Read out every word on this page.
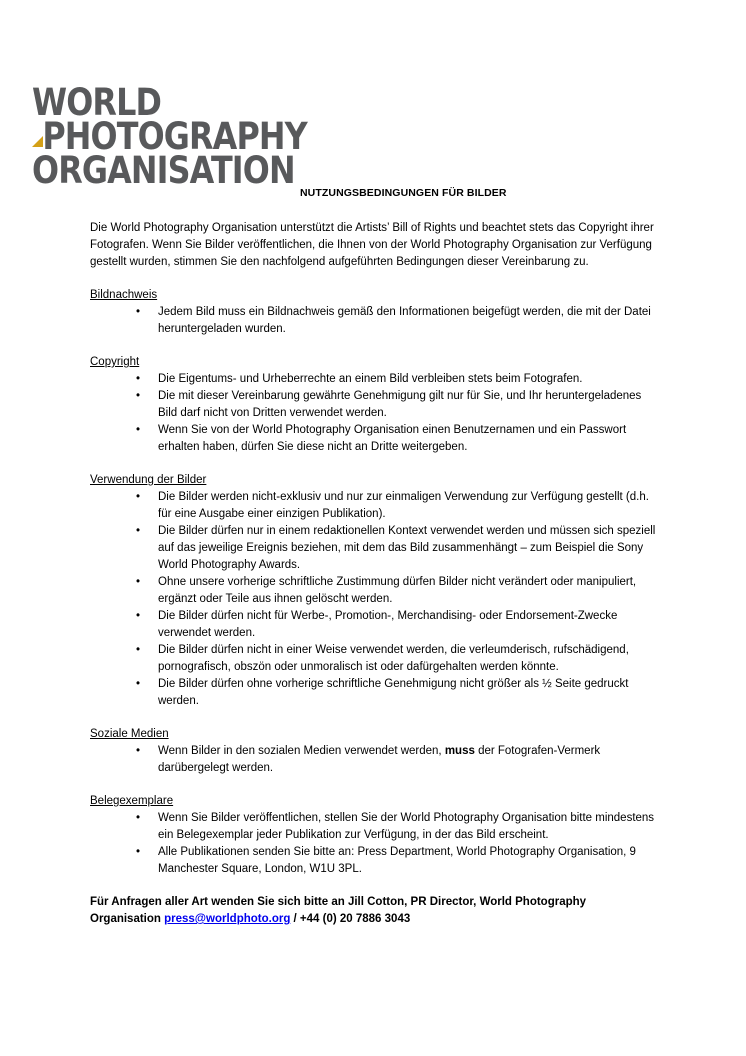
WORLD
PHOTOGRAPHY
ORGANISATION
NUTZUNGSBEDINGUNGEN FÜR BILDER

Die World Photography Organisation unterstützt die Artists’ Bill of Rights und beachtet stets das Copyright ihrer Fotografen. Wenn Sie Bilder veröffentlichen, die Ihnen von der World Photography Organisation zur Verfügung gestellt wurden, stimmen Sie den nachfolgend aufgeführten Bedingungen dieser Vereinbarung zu.

Bildnachweis

• Jedem Bild muss ein Bildnachweis gemäß den Informationen beigefügt werden, die mit der Datei heruntergeladen wurden.

Copyright

• Die Eigentums- und Urheberrechte an einem Bild verbleiben stets beim Fotografen.
• Die mit dieser Vereinbarung gewährte Genehmigung gilt nur für Sie, und Ihr heruntergeladenes Bild darf nicht von Dritten verwendet werden.
• Wenn Sie von der World Photography Organisation einen Benutzernamen und ein Passwort erhalten haben, dürfen Sie diese nicht an Dritte weitergeben.

Verwendung der Bilder

• Die Bilder werden nicht-exklusiv und nur zur einmaligen Verwendung zur Verfügung gestellt (d.h. für eine Ausgabe einer einzigen Publikation).
• Die Bilder dürfen nur in einem redaktionellen Kontext verwendet werden und müssen sich speziell auf das jeweilige Ereignis beziehen, mit dem das Bild zusammenhängt – zum Beispiel die Sony World Photography Awards.
• Ohne unsere vorherige schriftliche Zustimmung dürfen Bilder nicht verändert oder manipuliert, ergänzt oder Teile aus ihnen gelöscht werden.
• Die Bilder dürfen nicht für Werbe-, Promotion-, Merchandising- oder Endorsement-Zwecke verwendet werden.
• Die Bilder dürfen nicht in einer Weise verwendet werden, die verleumderisch, rufschädigend, pornografisch, obszön oder unmoralisch ist oder dafürgehalten werden könnte.
• Die Bilder dürfen ohne vorherige schriftliche Genehmigung nicht größer als ½ Seite gedruckt werden.

Soziale Medien

• Wenn Bilder in den sozialen Medien verwendet werden, muss der Fotografen-Vermerk darübergelegt werden.

Belegexemplare

• Wenn Sie Bilder veröffentlichen, stellen Sie der World Photography Organisation bitte mindestens ein Belegexemplar jeder Publikation zur Verfügung, in der das Bild erscheint.
• Alle Publikationen senden Sie bitte an: Press Department, World Photography Organisation, 9 Manchester Square, London, W1U 3PL.

Für Anfragen aller Art wenden Sie sich bitte an Jill Cotton, PR Director, World Photography Organisation press@worldphoto.org / +44 (0) 20 7886 3043
